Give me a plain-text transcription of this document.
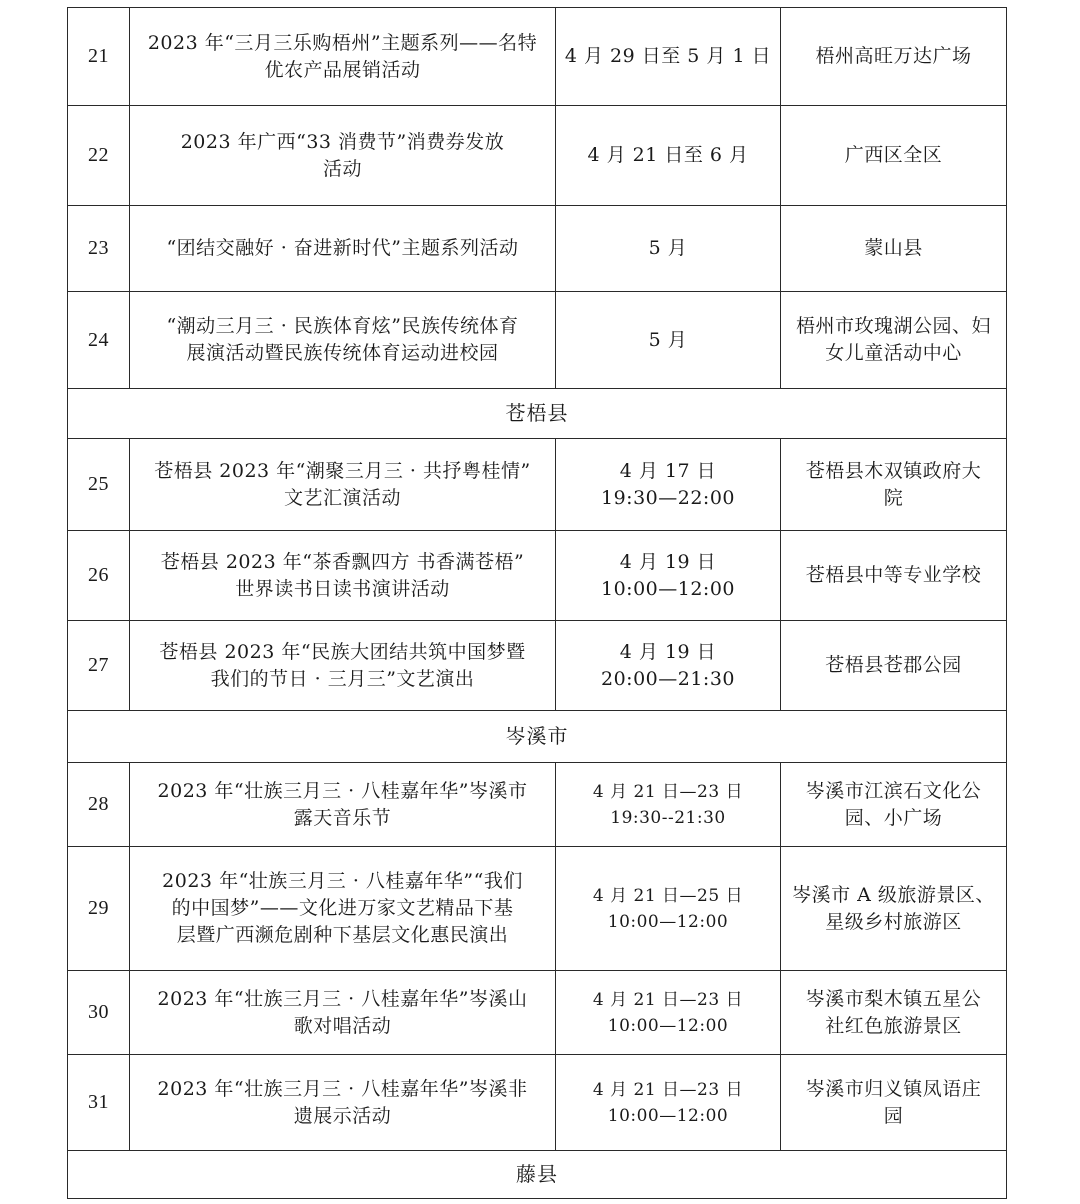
21	2023 年“三月三乐购梧州”主题系列——名特
优农产品展销活动	4 月 29 日至 5 月 1 日	梧州高旺万达广场

22	2023 年广西“33 消费节”消费券发放
活动	4 月 21 日至 6 月	广西区全区

23	“团结交融好 · 奋进新时代”主题系列活动	5 月	蒙山县

24	“潮动三月三 · 民族体育炫”民族传统体育
展演活动暨民族传统体育运动进校园	5 月	梧州市玫瑰湖公园、妇
女儿童活动中心

苍梧县			
25	苍梧县 2023 年“潮聚三月三 · 共抒粤桂情”
文艺汇演活动	4 月 17 日
19:30—22:00	苍梧县木双镇政府大
院

26	苍梧县 2023 年“茶香飘四方 书香满苍梧”
世界读书日读书演讲活动	4 月 19 日
10:00—12:00	苍梧县中等专业学校

27	苍梧县 2023 年“民族大团结共筑中国梦暨
我们的节日 · 三月三”文艺演出	4 月 19 日
20:00—21:30	苍梧县苍郡公园

岑溪市			
28	2023 年“壮族三月三 · 八桂嘉年华”岑溪市
露天音乐节	4 月 21 日—23 日
19:30--21:30	岑溪市江滨石文化公
园、小广场

29	2023 年“壮族三月三 · 八桂嘉年华”“我们
的中国梦”——文化进万家文艺精品下基
层暨广西濒危剧种下基层文化惠民演出	4 月 21 日—25 日
10:00—12:00	岑溪市 A 级旅游景区、
星级乡村旅游区

30	2023 年“壮族三月三 · 八桂嘉年华”岑溪山
歌对唱活动	4 月 21 日—23 日
10:00—12:00	岑溪市梨木镇五星公
社红色旅游景区

31	2023 年“壮族三月三 · 八桂嘉年华”岑溪非
遗展示活动	4 月 21 日—23 日
10:00—12:00	岑溪市归义镇凤语庄
园

藤县			
